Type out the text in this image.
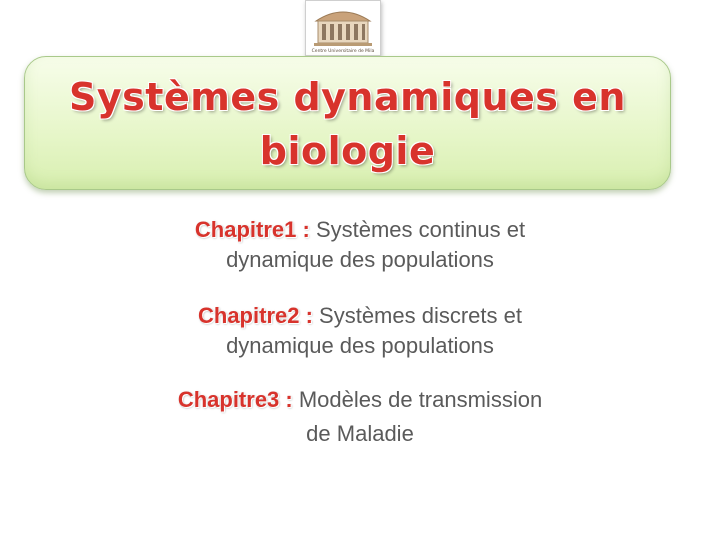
Centre Universitaire de Mila
Systèmes dynamiques en
biologie
Chapitre1 : Systèmes continus et
dynamique des populations
Chapitre2 : Systèmes discrets et
dynamique des populations
Chapitre3 : Modèles de transmission
de Maladie
